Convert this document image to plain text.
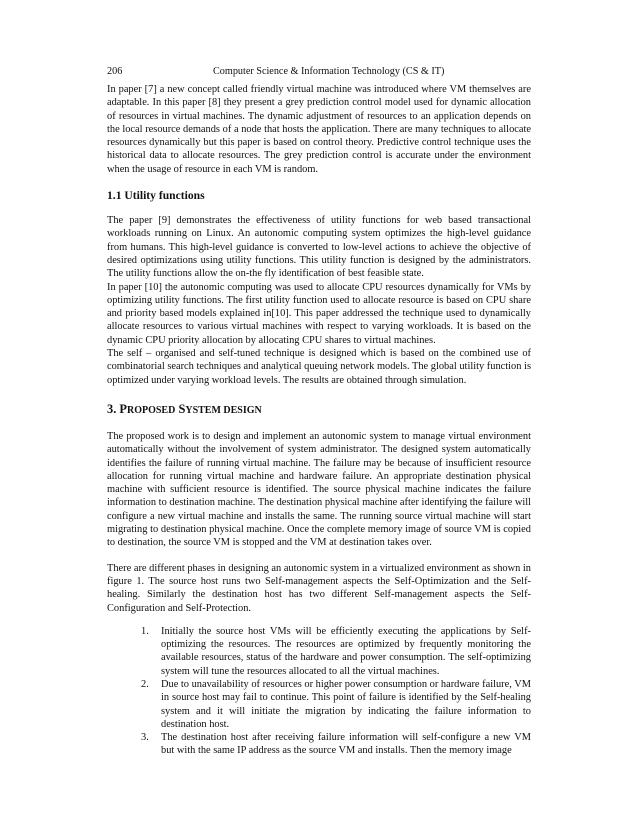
206	Computer Science & Information Technology (CS & IT)

In paper [7] a new concept called friendly virtual machine was introduced where VM themselves are adaptable. In this paper [8] they present a grey prediction control model used for dynamic allocation of resources in virtual machines. The dynamic adjustment of resources to an application depends on the local resource demands of a node that hosts the application. There are many techniques to allocate resources dynamically but this paper is based on control theory. Predictive control technique uses the historical data to allocate resources. The grey prediction control is accurate under the environment when the usage of resource in each VM is random.

1.1 Utility functions

The paper [9] demonstrates the effectiveness of utility functions for web based transactional workloads running on Linux. An autonomic computing system optimizes the high-level guidance from humans. This high-level guidance is converted to low-level actions to achieve the objective of desired optimizations using utility functions. This utility function is designed by the administrators. The utility functions allow the on-the fly identification of best feasible state.

In paper [10] the autonomic computing was used to allocate CPU resources dynamically for VMs by optimizing utility functions. The first utility function used to allocate resource is based on CPU share and priority based models explained in[10]. This paper addressed the technique used to dynamically allocate resources to various virtual machines with respect to varying workloads. It is based on the dynamic CPU priority allocation by allocating CPU shares to virtual machines.

The self – organised and self-tuned technique is designed which is based on the combined use of combinatorial search techniques and analytical queuing network models. The global utility function is optimized under varying workload levels. The results are obtained through simulation.

3. PROPOSED SYSTEM DESIGN

The proposed work is to design and implement an autonomic system to manage virtual environment automatically without the involvement of system administrator. The designed system automatically identifies the failure of running virtual machine. The failure may be because of insufficient resource allocation for running virtual machine and hardware failure. An appropriate destination physical machine with sufficient resource is identified. The source physical machine indicates the failure information to destination machine. The destination physical machine after identifying the failure will configure a new virtual machine and installs the same. The running source virtual machine will start migrating to destination physical machine. Once the complete memory image of source VM is copied to destination, the source VM is stopped and the VM at destination takes over.

There are different phases in designing an autonomic system in a virtualized environment as shown in figure 1. The source host runs two Self-management aspects the Self-Optimization and the Self-healing. Similarly the destination host has two different Self-management aspects the Self-Configuration and Self-Protection.

1. Initially the source host VMs will be efficiently executing the applications by Self-optimizing the resources. The resources are optimized by frequently monitoring the available resources, status of the hardware and power consumption. The self-optimizing system will tune the resources allocated to all the virtual machines.
2. Due to unavailability of resources or higher power consumption or hardware failure, VM in source host may fail to continue. This point of failure is identified by the Self-healing system and it will initiate the migration by indicating the failure information to destination host.
3. The destination host after receiving failure information will self-configure a new VM but with the same IP address as the source VM and installs. Then the memory image
